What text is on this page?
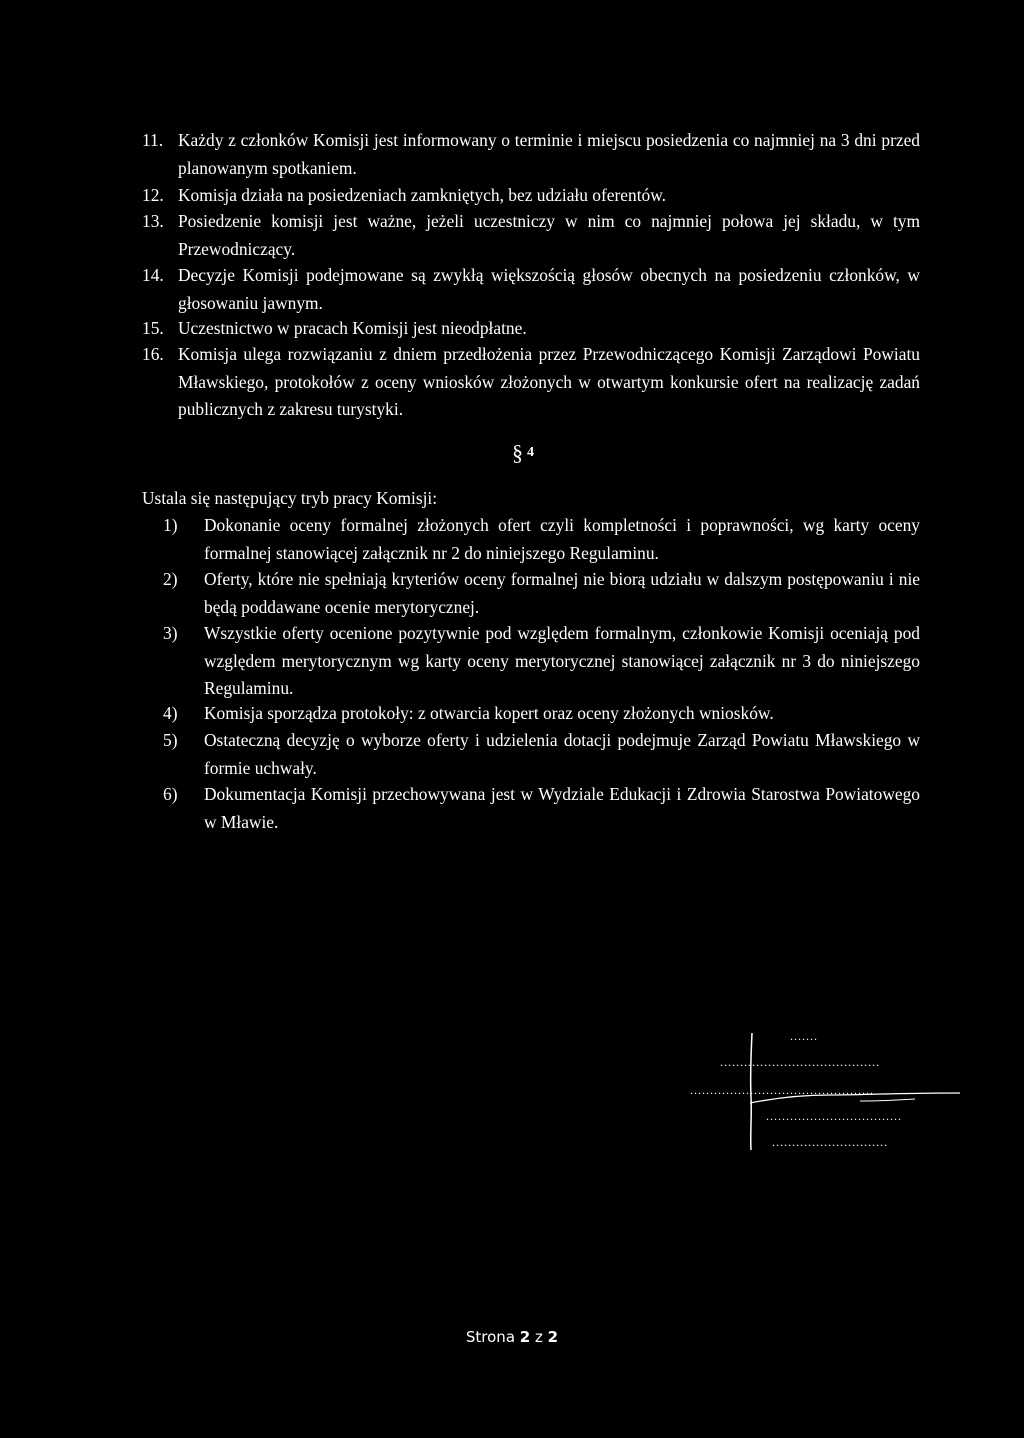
11. Każdy z członków Komisji jest informowany o terminie i miejscu posiedzenia co najmniej na 3 dni przed planowanym spotkaniem.
12. Komisja działa na posiedzeniach zamkniętych, bez udziału oferentów.
13. Posiedzenie komisji jest ważne, jeżeli uczestniczy w nim co najmniej połowa jej składu, w tym Przewodniczący.
14. Decyzje Komisji podejmowane są zwykłą większością głosów obecnych na posiedzeniu członków, w głosowaniu jawnym.
15. Uczestnictwo w pracach Komisji jest nieodpłatne.
16. Komisja ulega rozwiązaniu z dniem przedłożenia przez Przewodniczącego Komisji Zarządowi Powiatu Mławskiego, protokołów z oceny wniosków złożonych w otwartym konkursie ofert na realizację zadań publicznych z zakresu turystyki.
§ 4
Ustala się następujący tryb pracy Komisji:
1) Dokonanie oceny formalnej złożonych ofert czyli kompletności i poprawności, wg karty oceny formalnej stanowiącej załącznik nr 2 do niniejszego Regulaminu.
2) Oferty, które nie spełniają kryteriów oceny formalnej nie biorą udziału w dalszym postępowaniu i nie będą poddawane ocenie merytorycznej.
3) Wszystkie oferty ocenione pozytywnie pod względem formalnym, członkowie Komisji oceniają pod względem merytorycznym wg karty oceny merytorycznej stanowiącej załącznik nr 3 do niniejszego Regulaminu.
4) Komisja sporządza protokoły: z otwarcia kopert oraz oceny złożonych wniosków.
5) Ostateczną decyzję o wyborze oferty i udzielenia dotacji podejmuje Zarząd Powiatu Mławskiego w formie uchwały.
6) Dokumentacja Komisji przechowywana jest w Wydziale Edukacji i Zdrowia Starostwa Powiatowego w Mławie.
.......
........................................
..............................................
..................................
.............................
Strona 2 z 2
